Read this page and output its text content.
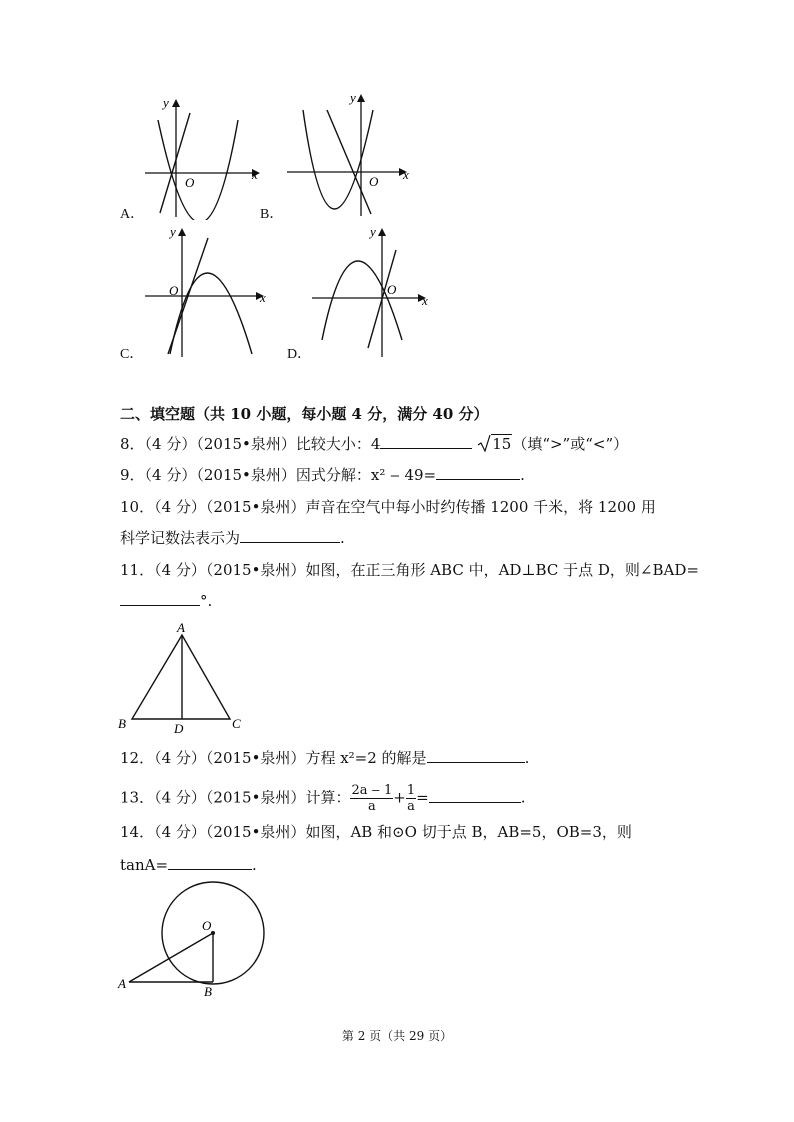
y
x
O
A．
y
x
O
B．
y
x
O
C．
y
x
O
D．
二、填空题（共 10 小题，每小题 4 分，满分 40 分）
8．（4 分）（2015•泉州）比较大小：4	15（填“>”或“<”）
9．（4 分）（2015•泉州）因式分解：x² ‒ 49=	.
10．（4 分）（2015•泉州）声音在空气中每小时约传播 1200 千米，将 1200 用
科学记数法表示为	.
11．（4 分）（2015•泉州）如图，在正三角形 ABC 中，AD⊥BC 于点 D，则∠BAD=
°.
A
B	C
D
12．（4 分）（2015•泉州）方程 x²=2 的解是	.
13．（4 分）（2015•泉州）计算： $\frac{2a ‒ 1}{a} + \frac{1}{a}$ =	.
14．（4 分）（2015•泉州）如图，AB 和⊙O 切于点 B，AB=5，OB=3，则
tanA=	.
O
A
B
第 2 页（共 29 页）
